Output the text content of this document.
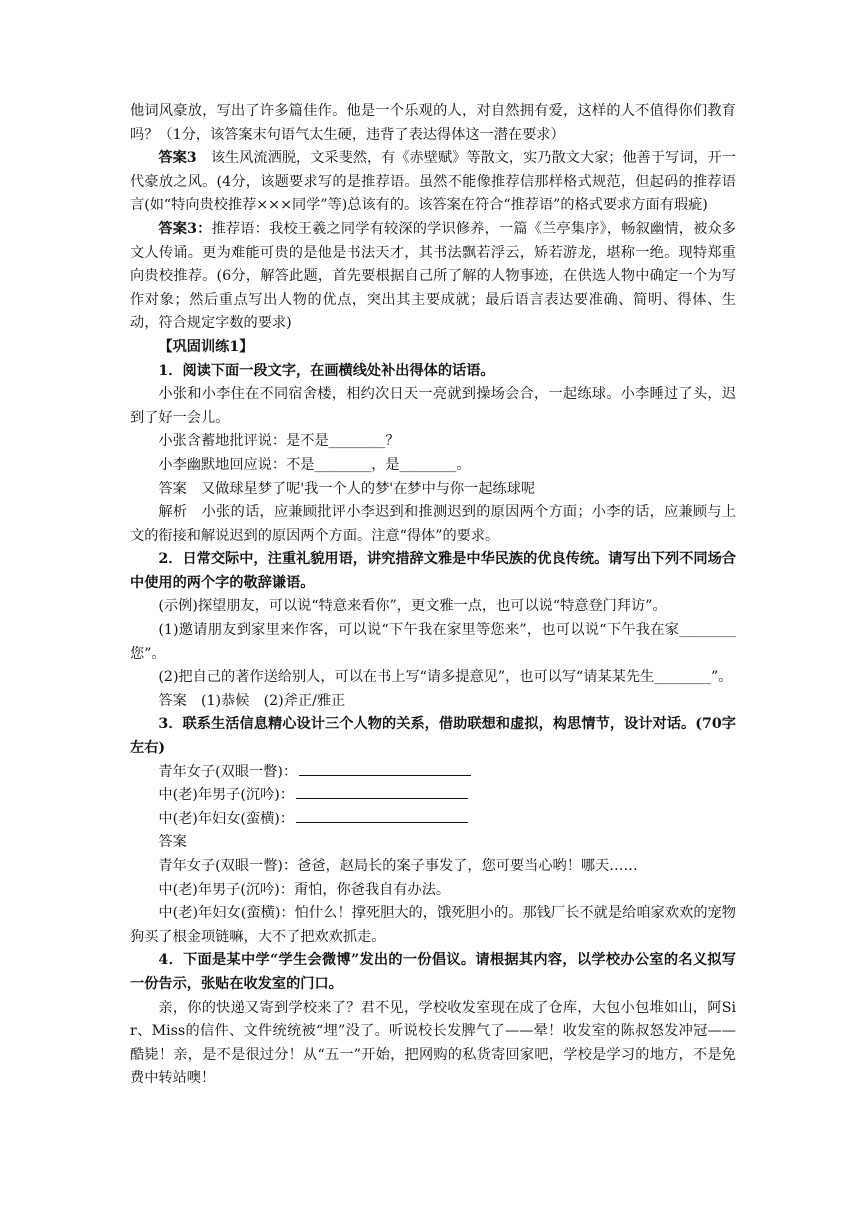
他词风豪放，写出了许多篇佳作。他是一个乐观的人，对自然拥有爱，这样的人不值得你们教育吗？（1分，该答案末句语气太生硬，违背了表达得体这一潜在要求）

答案3　该生风流洒脱，文采斐然，有《赤壁赋》等散文，实乃散文大家；他善于写词，开一代豪放之风。(4分，该题要求写的是推荐语。虽然不能像推荐信那样格式规范，但起码的推荐语言(如“特向贵校推荐×××同学”等)总该有的。该答案在符合“推荐语”的格式要求方面有瑕疵)

答案3：推荐语：我校王羲之同学有较深的学识修养，一篇《兰亭集序》，畅叙幽情，被众多文人传诵。更为难能可贵的是他是书法天才，其书法飘若浮云，矫若游龙，堪称一绝。现特郑重向贵校推荐。(6分，解答此题，首先要根据自己所了解的人物事迹，在供选人物中确定一个为写作对象；然后重点写出人物的优点，突出其主要成就；最后语言表达要准确、简明、得体、生动，符合规定字数的要求)

【巩固训练1】

1．阅读下面一段文字，在画横线处补出得体的话语。

小张和小李住在不同宿舍楼，相约次日天一亮就到操场会合，一起练球。小李睡过了头，迟到了好一会儿。

小张含蓄地批评说：是不是________？

小李幽默地回应说：不是________，是________。

答案　又做球星梦了呢'我一个人的梦'在梦中与你一起练球呢

解析　小张的话，应兼顾批评小李迟到和推测迟到的原因两个方面；小李的话，应兼顾与上文的衔接和解说迟到的原因两个方面。注意“得体”的要求。

2．日常交际中，注重礼貌用语，讲究措辞文雅是中华民族的优良传统。请写出下列不同场合中使用的两个字的敬辞谦语。

(示例)探望朋友，可以说“特意来看你”，更文雅一点，也可以说“特意登门拜访”。

(1)邀请朋友到家里来作客，可以说“下午我在家里等您来”，也可以说“下午我在家________您”。

(2)把自己的著作送给别人，可以在书上写“请多提意见”，也可以写“请某某先生________”。

答案　(1)恭候　(2)斧正/雅正

3．联系生活信息精心设计三个人物的关系，借助联想和虚拟，构思情节，设计对话。(70字左右)

青年女子(双眼一瞥)：

中(老)年男子(沉吟)：

中(老)年妇女(蛮横)：

答案

青年女子(双眼一瞥)：爸爸，赵局长的案子事发了，您可要当心哟！哪天……

中(老)年男子(沉吟)：甭怕，你爸我自有办法。

中(老)年妇女(蛮横)：怕什么！撑死胆大的，饿死胆小的。那钱厂长不就是给咱家欢欢的宠物狗买了根金项链嘛，大不了把欢欢抓走。

4．下面是某中学“学生会微博”发出的一份倡议。请根据其内容，以学校办公室的名义拟写一份告示，张贴在收发室的门口。

亲，你的快递又寄到学校来了？君不见，学校收发室现在成了仓库，大包小包堆如山，阿Sir、Miss的信件、文件统统被“埋”没了。听说校长发脾气了——晕！收发室的陈叔怒发冲冠——酷毙！亲，是不是很过分！从“五一”开始，把网购的私货寄回家吧，学校是学习的地方，不是免费中转站噢！
